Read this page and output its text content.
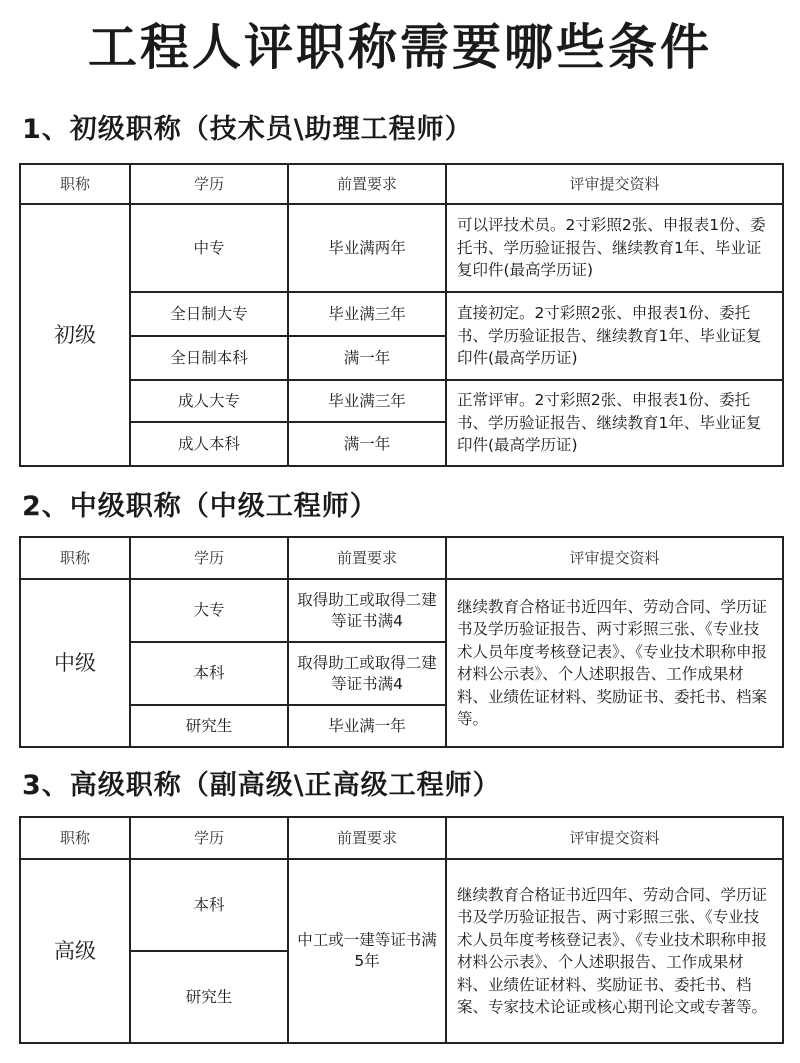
工程人评职称需要哪些条件
1、初级职称（技术员\助理工程师）
职称	学历	前置要求	评审提交资料
初级	中专	毕业满两年	可以评技术员。2寸彩照2张、申报表1份、委托书、学历验证报告、继续教育1年、毕业证复印件(最高学历证)
	全日制大专	毕业满三年	直接初定。2寸彩照2张、申报表1份、委托书、学历验证报告、继续教育1年、毕业证复印件(最高学历证)
	全日制本科	满一年	
	成人大专	毕业满三年	正常评审。2寸彩照2张、申报表1份、委托书、学历验证报告、继续教育1年、毕业证复印件(最高学历证)
	成人本科	满一年	
2、中级职称（中级工程师）
职称	学历	前置要求	评审提交资料
中级	大专	取得助工或取得二建等证书满4	继续教育合格证书近四年、劳动合同、学历证书及学历验证报告、两寸彩照三张、《专业技术人员年度考核登记表》、《专业技术职称申报材料公示表》、个人述职报告、工作成果材料、业绩佐证材料、奖励证书、委托书、档案等。
	本科	取得助工或取得二建等证书满4	
	研究生	毕业满一年	
3、高级职称（副高级\正高级工程师）
职称	学历	前置要求	评审提交资料
高级	本科	中工或一建等证书满5年	继续教育合格证书近四年、劳动合同、学历证书及学历验证报告、两寸彩照三张、《专业技术人员年度考核登记表》、《专业技术职称申报材料公示表》、个人述职报告、工作成果材料、业绩佐证材料、奖励证书、委托书、档案、专家技术论证或核心期刊论文或专著等。
	研究生		
